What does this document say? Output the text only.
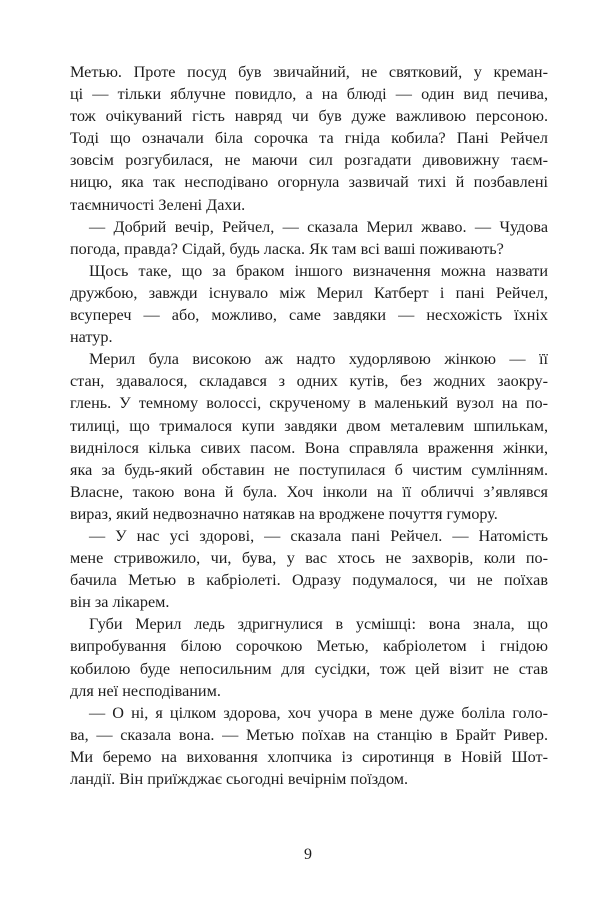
Метью. Проте посуд був звичайний, не святковий, у креман-
ці — тільки яблучне повидло, а на блюді — один вид печива,
тож очікуваний гість навряд чи був дуже важливою персоною.
Тоді що означали біла сорочка та гніда кобила? Пані Рейчел
зовсім розгубилася, не маючи сил розгадати дивовижну таєм-
ницю, яка так несподівано огорнула зазвичай тихі й позбавлені
таємничості Зелені Дахи.
— Добрий вечір, Рейчел, — сказала Мерил жваво. — Чудова
погода, правда? Сідай, будь ласка. Як там всі ваші поживають?
Щось таке, що за браком іншого визначення можна назвати
дружбою, завжди існувало між Мерил Катберт і пані Рейчел,
всупереч — або, можливо, саме завдяки — несхожість їхніх
натур.
Мерил була високою аж надто худорлявою жінкою — її
стан, здавалося, складався з одних кутів, без жодних заокру-
глень. У темному волоссі, скрученому в маленький вузол на по-
тилиці, що трималося купи завдяки двом металевим шпилькам,
виднілося кілька сивих пасом. Вона справляла враження жінки,
яка за будь-який обставин не поступилася б чистим сумлінням.
Власне, такою вона й була. Хоч інколи на її обличчі з’являвся
вираз, який недвозначно натякав на вроджене почуття гумору.
— У нас усі здорові, — сказала пані Рейчел. — Натомість
мене стривожило, чи, бува, у вас хтось не захворів, коли по-
бачила Метью в кабріолеті. Одразу подумалося, чи не поїхав
він за лікарем.
Губи Мерил ледь здригнулися в усмішці: вона знала, що
випробування білою сорочкою Метью, кабріолетом і гнідою
кобилою буде непосильним для сусідки, тож цей візит не став
для неї несподіваним.
— О ні, я цілком здорова, хоч учора в мене дуже боліла голо-
ва, — сказала вона. — Метью поїхав на станцію в Брайт Ривер.
Ми беремо на виховання хлопчика із сиротинця в Новій Шот-
ландії. Він приїжджає сьогодні вечірнім поїздом.
9
